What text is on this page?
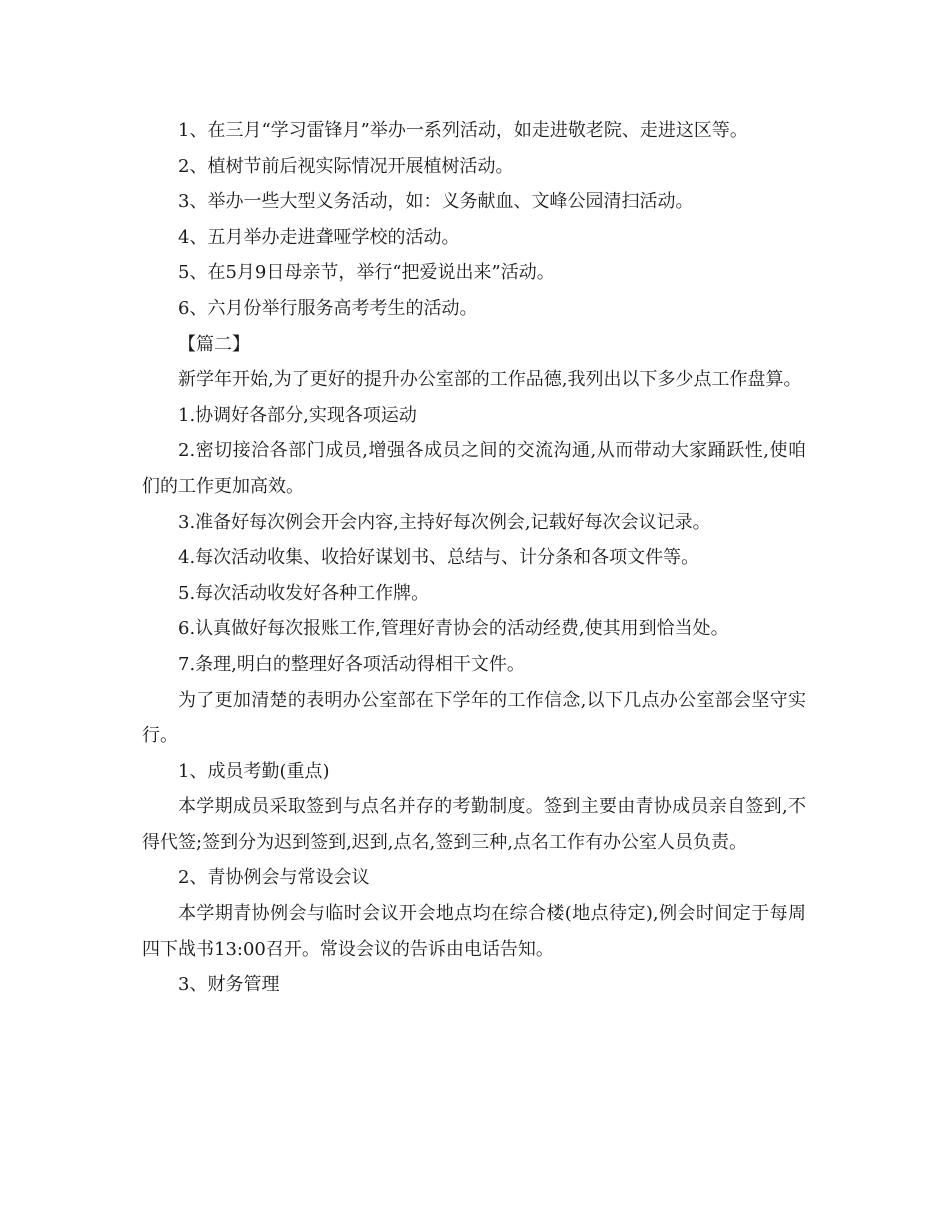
1、在三月“学习雷锋月”举办一系列活动，如走进敬老院、走进这区等。

2、植树节前后视实际情况开展植树活动。

3、举办一些大型义务活动，如：义务献血、文峰公园清扫活动。

4、五月举办走进聋哑学校的活动。

5、在5月9日母亲节，举行“把爱说出来”活动。

6、六月份举行服务高考考生的活动。

【篇二】

新学年开始,为了更好的提升办公室部的工作品德,我列出以下多少点工作盘算。

1.协调好各部分,实现各项运动

2.密切接洽各部门成员,增强各成员之间的交流沟通,从而带动大家踊跃性,使咱们的工作更加高效。

3.准备好每次例会开会内容,主持好每次例会,记载好每次会议记录。

4.每次活动收集、收拾好谋划书、总结与、计分条和各项文件等。

5.每次活动收发好各种工作牌。

6.认真做好每次报账工作,管理好青协会的活动经费,使其用到恰当处。

7.条理,明白的整理好各项活动得相干文件。

为了更加清楚的表明办公室部在下学年的工作信念,以下几点办公室部会坚守实行。

1、成员考勤(重点)

本学期成员采取签到与点名并存的考勤制度。签到主要由青协成员亲自签到,不得代签;签到分为迟到签到,迟到,点名,签到三种,点名工作有办公室人员负责。

2、青协例会与常设会议

本学期青协例会与临时会议开会地点均在综合楼(地点待定),例会时间定于每周四下战书13:00召开。常设会议的告诉由电话告知。

3、财务管理
